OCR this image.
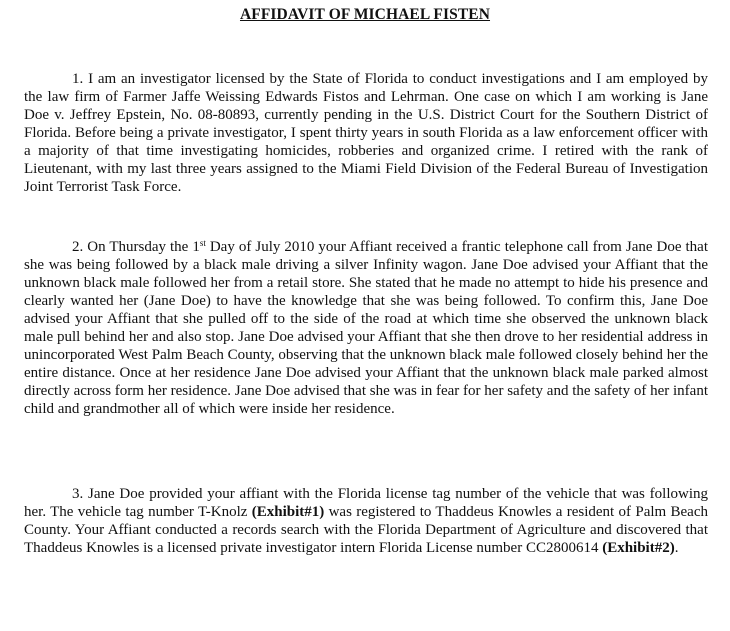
AFFIDAVIT OF MICHAEL FISTEN

1. I am an investigator licensed by the State of Florida to conduct investigations and I am employed by the law firm of Farmer Jaffe Weissing Edwards Fistos and Lehrman. One case on which I am working is Jane Doe v. Jeffrey Epstein, No. 08-80893, currently pending in the U.S. District Court for the Southern District of Florida. Before being a private investigator, I spent thirty years in south Florida as a law enforcement officer with a majority of that time investigating homicides, robberies and organized crime. I retired with the rank of Lieutenant, with my last three years assigned to the Miami Field Division of the Federal Bureau of Investigation Joint Terrorist Task Force.

2. On Thursday the 1st Day of July 2010 your Affiant received a frantic telephone call from Jane Doe that she was being followed by a black male driving a silver Infinity wagon. Jane Doe advised your Affiant that the unknown black male followed her from a retail store. She stated that he made no attempt to hide his presence and clearly wanted her (Jane Doe) to have the knowledge that she was being followed. To confirm this, Jane Doe advised your Affiant that she pulled off to the side of the road at which time she observed the unknown black male pull behind her and also stop. Jane Doe advised your Affiant that she then drove to her residential address in unincorporated West Palm Beach County, observing that the unknown black male followed closely behind her the entire distance. Once at her residence Jane Doe advised your Affiant that the unknown black male parked almost directly across form her residence. Jane Doe advised that she was in fear for her safety and the safety of her infant child and grandmother all of which were inside her residence.

3. Jane Doe provided your affiant with the Florida license tag number of the vehicle that was following her. The vehicle tag number T-Knolz (Exhibit#1) was registered to Thaddeus Knowles a resident of Palm Beach County. Your Affiant conducted a records search with the Florida Department of Agriculture and discovered that Thaddeus Knowles is a licensed private investigator intern Florida License number CC2800614 (Exhibit#2).
